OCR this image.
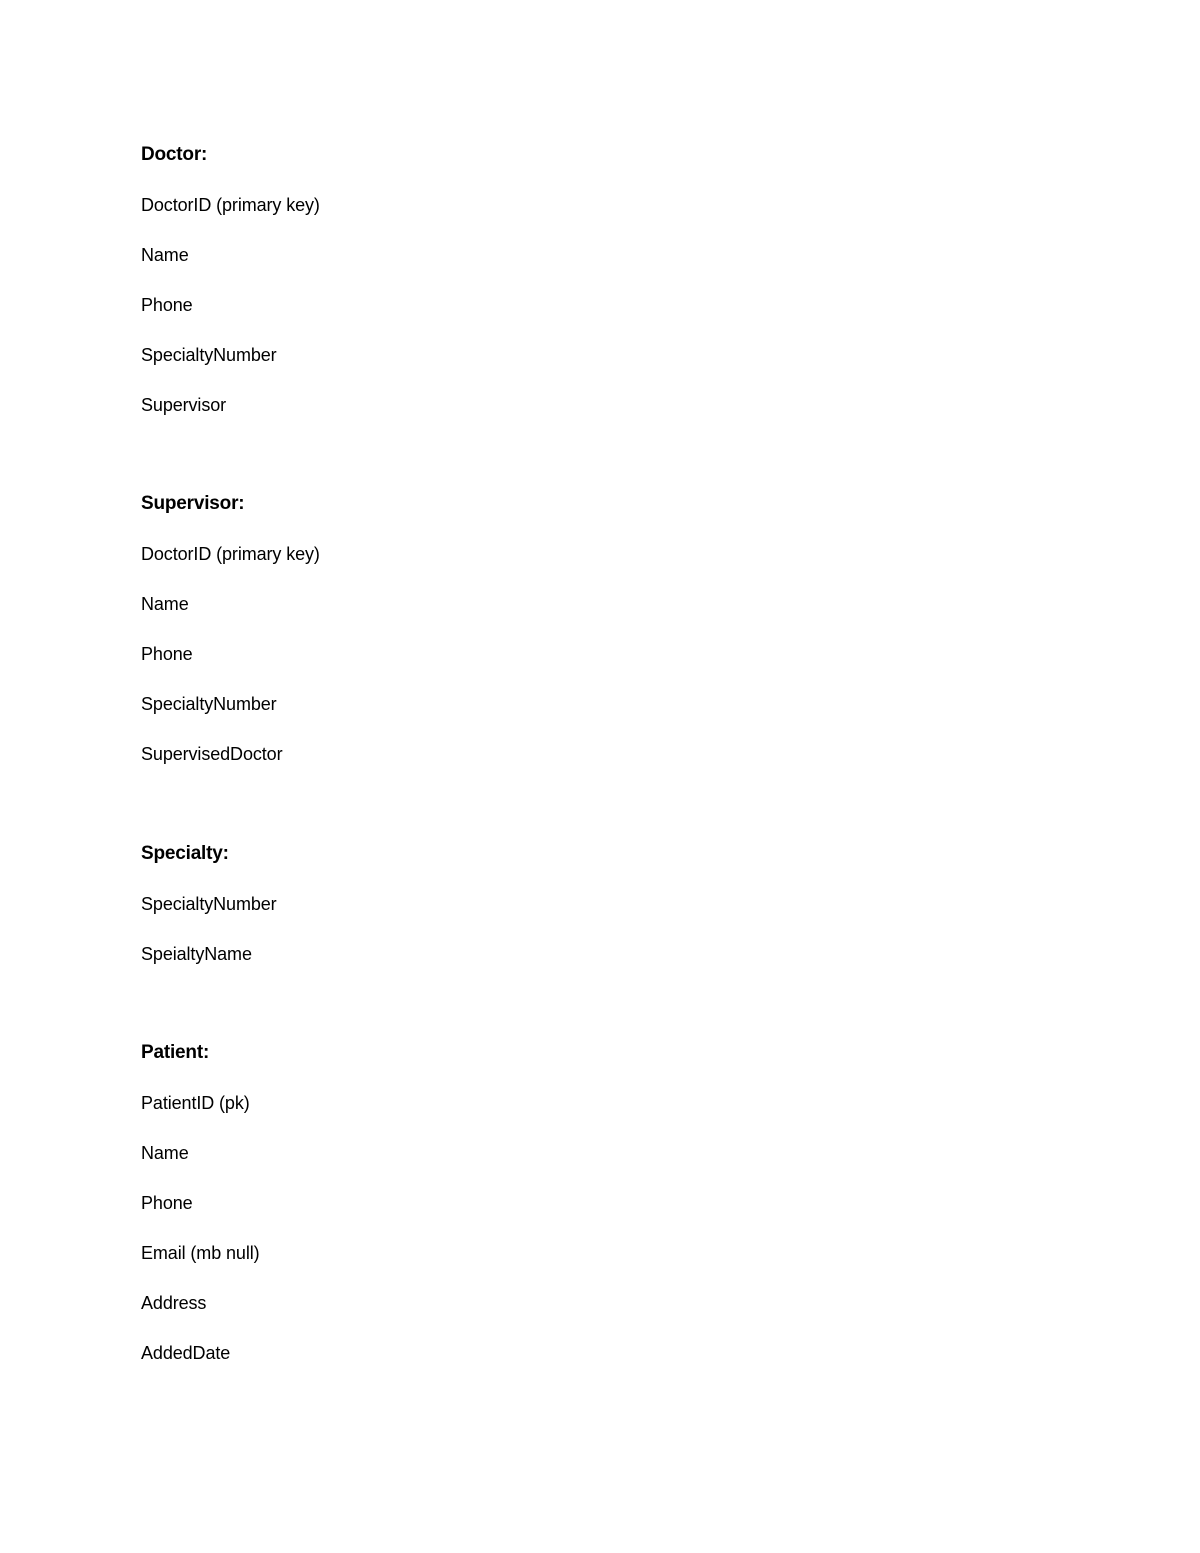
Doctor:
DoctorID (primary key)
Name
Phone
SpecialtyNumber
Supervisor
Supervisor:
DoctorID (primary key)
Name
Phone
SpecialtyNumber
SupervisedDoctor
Specialty:
SpecialtyNumber
SpeialtyName
Patient:
PatientID (pk)
Name
Phone
Email (mb null)
Address
AddedDate
